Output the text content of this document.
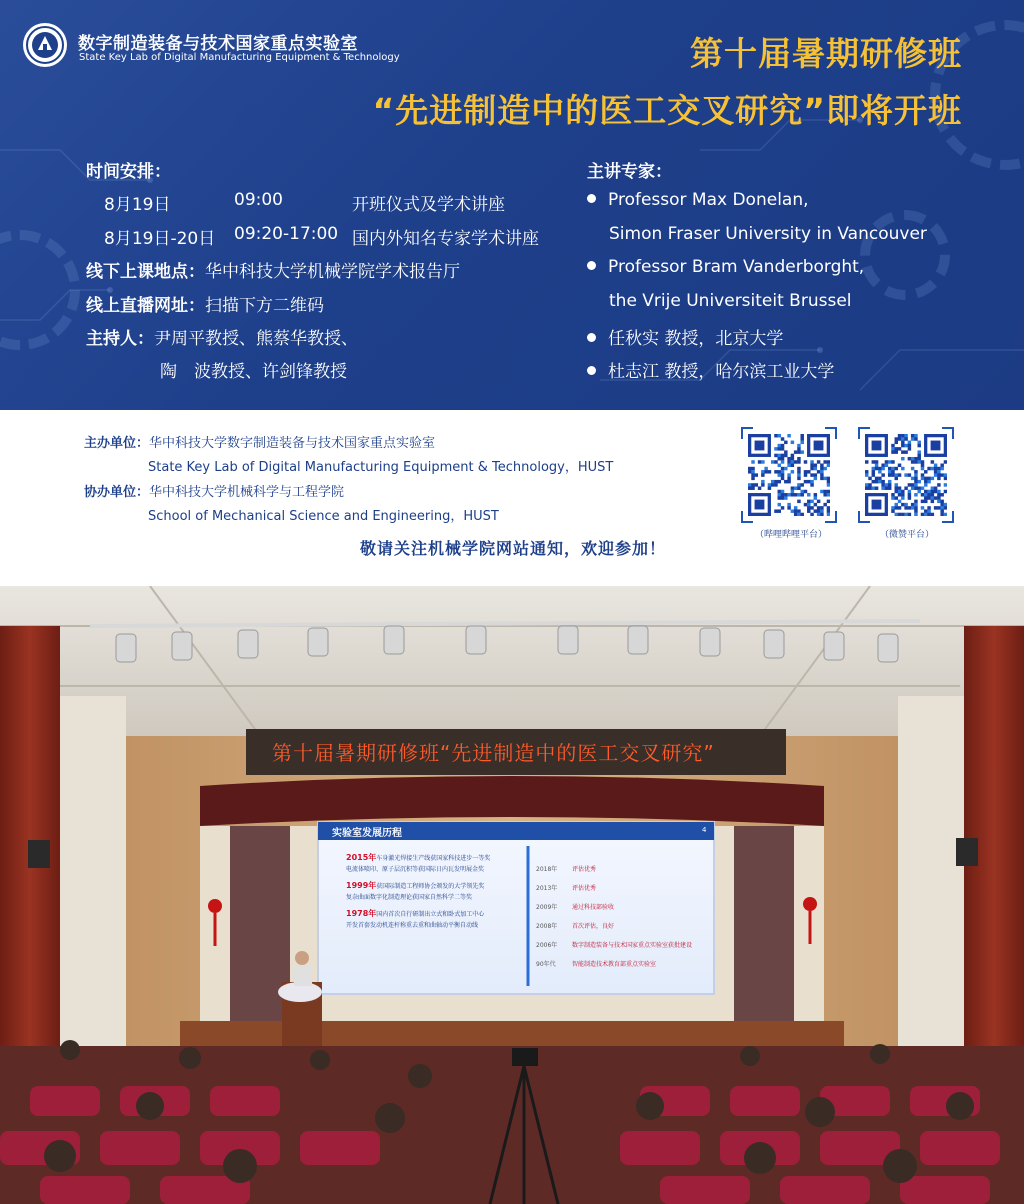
数字制造装备与技术国家重点实验室
State Key Lab of Digital Manufacturing Equipment & Technology	第十届暑期研修班
“先进制造中的医工交叉研究”即将开班
时间安排：
8月19日	09:00	开班仪式及学术讲座
8月19日-20日 09:20-17:00 国内外知名专家学术讲座
线下上课地点：华中科技大学机械学院学术报告厅
线上直播网址：扫描下方二维码
主持人：尹周平教授、熊蔡华教授、
陶　波教授、许剑锋教授
主讲专家：
Professor Max Donelan,
Simon Fraser University in Vancouver
Professor Bram Vanderborght,
the Vrije Universiteit Brussel
任秋实 教授，北京大学
杜志江 教授，哈尔滨工业大学
主办单位：华中科技大学数字制造装备与技术国家重点实验室
State Key Lab of Digital Manufacturing Equipment & Technology，HUST
协办单位：华中科技大学机械科学与工程学院
School of Mechanical Science and Engineering，HUST
敬请关注机械学院网站通知，欢迎参加！
（哔哩哔哩平台）	（微赞平台）
第十届暑期研修班“先进制造中的医工交叉研究”
实验室发展历程	4
2015年车身激光焊接生产线获国家科技进步一等奖
电流体喷印、原子层沉积等获国际日内瓦发明展金奖
1999年获国际制造工程师协会颁发的大学领先奖
复杂曲面数字化制造理论获国家自然科学二等奖
1978年国内首次自行研制出立式和卧式加工中心
开发首套发动机连杆称重去重和曲轴动平衡自动线
2018年 评估优秀
2013年 评估优秀
2009年 通过科技部验收
2008年 首次评估，良好
2006年 数字制造装备与技术国家重点实验室获批建设
90年代	智能制造技术教育部重点实验室
